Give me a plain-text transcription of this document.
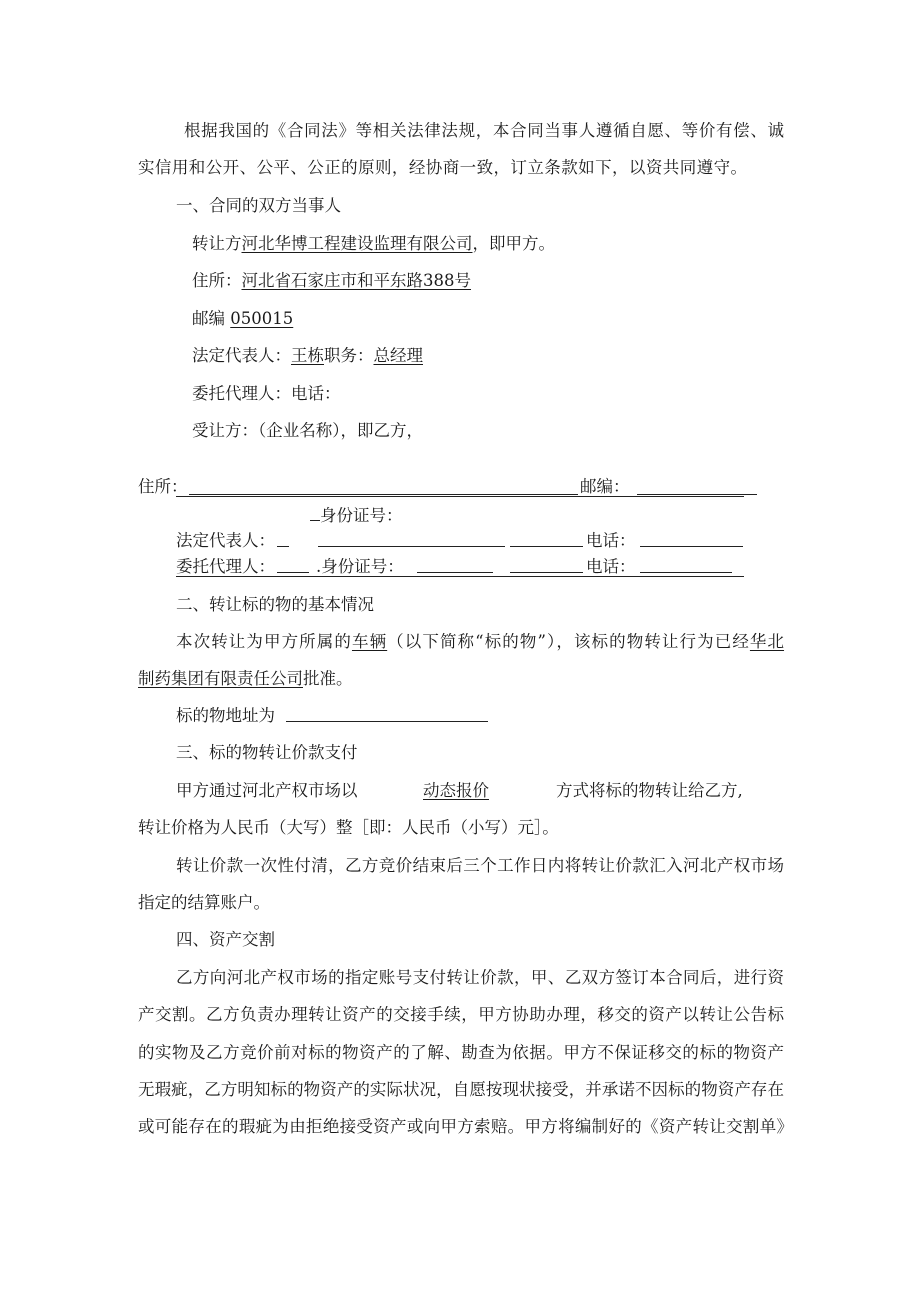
根据我国的《合同法》等相关法律法规，本合同当事人遵循自愿、等价有偿、诚
实信用和公开、公平、公正的原则，经协商一致，订立条款如下，以资共同遵守。
一、合同的双方当事人
转让方河北华博工程建设监理有限公司，即甲方。
住所：河北省石家庄市和平东路388号
邮编 050015
法定代表人：王栋职务：总经理
委托代理人：电话：
受让方：（企业名称），即乙方，
住所：	邮编：
身份证号：
法定代表人：	电话：
委托代理人： .身份证号：	电话：
二、转让标的物的基本情况
本次转让为甲方所属的车辆（以下简称“标的物”），该标的物转让行为已经华北
制药集团有限责任公司批准。
标的物地址为
三、标的物转让价款支付
甲方通过河北产权市场以	动态报价	方式将标的物转让给乙方,
转让价格为人民币（大写）整［即：人民币（小写）元］。
转让价款一次性付清，乙方竞价结束后三个工作日内将转让价款汇入河北产权市场
指定的结算账户。
四、资产交割
乙方向河北产权市场的指定账号支付转让价款，甲、乙双方签订本合同后，进行资
产交割。乙方负责办理转让资产的交接手续，甲方协助办理，移交的资产以转让公告标
的实物及乙方竞价前对标的物资产的了解、勘查为依据。甲方不保证移交的标的物资产
无瑕疵，乙方明知标的物资产的实际状况，自愿按现状接受，并承诺不因标的物资产存在
或可能存在的瑕疵为由拒绝接受资产或向甲方索赔。甲方将编制好的《资产转让交割单》
